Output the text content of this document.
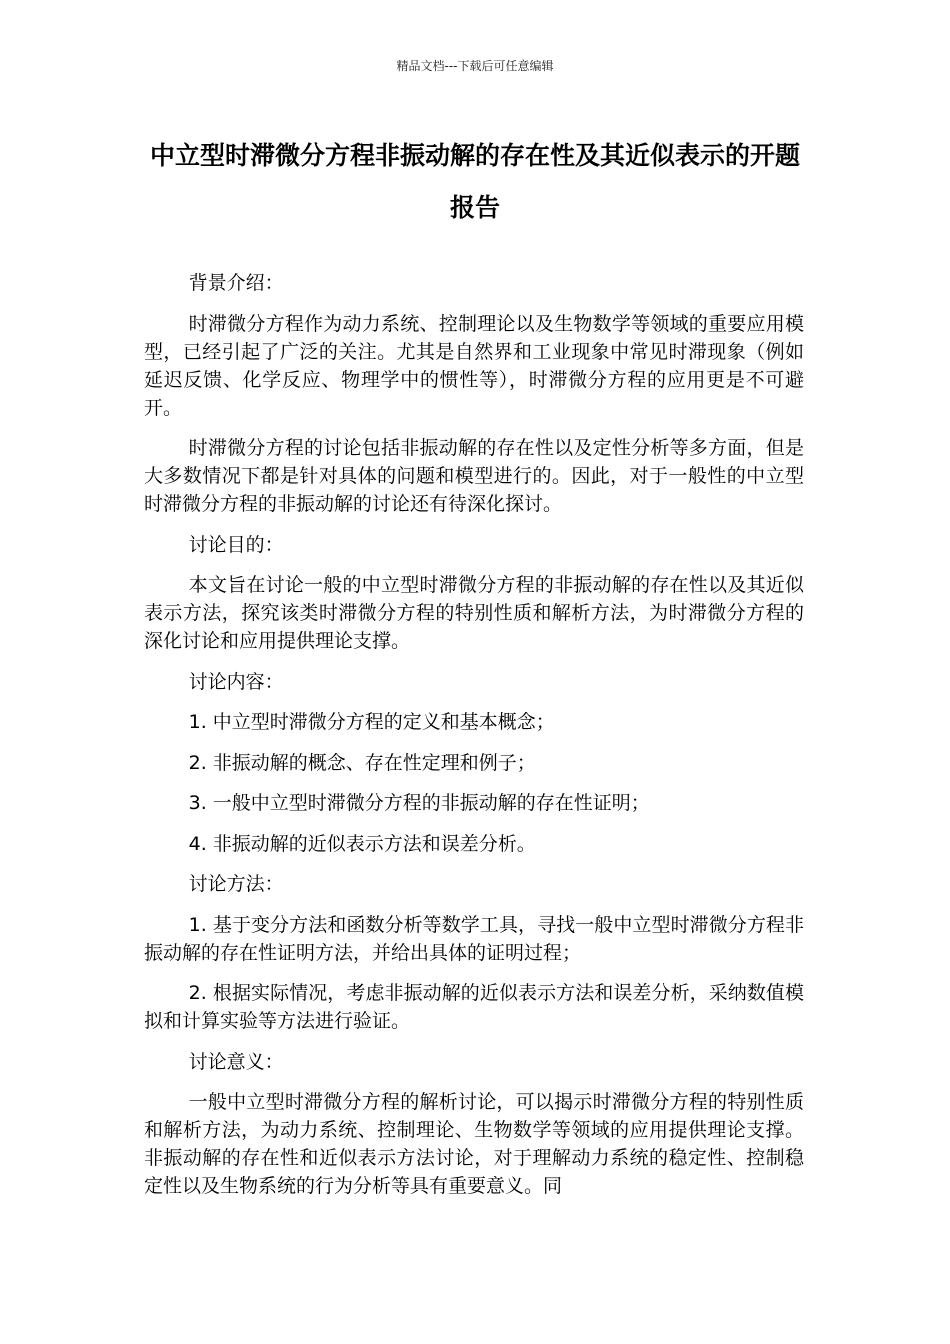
精品文档---下载后可任意编辑
中立型时滞微分方程非振动解的存在性及其近似表示的开题报告

背景介绍：

时滞微分方程作为动力系统、控制理论以及生物数学等领域的重要应用模型，已经引起了广泛的关注。尤其是自然界和工业现象中常见时滞现象（例如延迟反馈、化学反应、物理学中的惯性等），时滞微分方程的应用更是不可避开。

时滞微分方程的讨论包括非振动解的存在性以及定性分析等多方面，但是大多数情况下都是针对具体的问题和模型进行的。因此，对于一般性的中立型时滞微分方程的非振动解的讨论还有待深化探讨。

讨论目的：

本文旨在讨论一般的中立型时滞微分方程的非振动解的存在性以及其近似表示方法，探究该类时滞微分方程的特别性质和解析方法，为时滞微分方程的深化讨论和应用提供理论支撑。

讨论内容：

1. 中立型时滞微分方程的定义和基本概念；

2. 非振动解的概念、存在性定理和例子；

3. 一般中立型时滞微分方程的非振动解的存在性证明；

4. 非振动解的近似表示方法和误差分析。

讨论方法：

1. 基于变分方法和函数分析等数学工具，寻找一般中立型时滞微分方程非振动解的存在性证明方法，并给出具体的证明过程；

2. 根据实际情况，考虑非振动解的近似表示方法和误差分析，采纳数值模拟和计算实验等方法进行验证。

讨论意义：

一般中立型时滞微分方程的解析讨论，可以揭示时滞微分方程的特别性质和解析方法，为动力系统、控制理论、生物数学等领域的应用提供理论支撑。非振动解的存在性和近似表示方法讨论，对于理解动力系统的稳定性、控制稳定性以及生物系统的行为分析等具有重要意义。同
